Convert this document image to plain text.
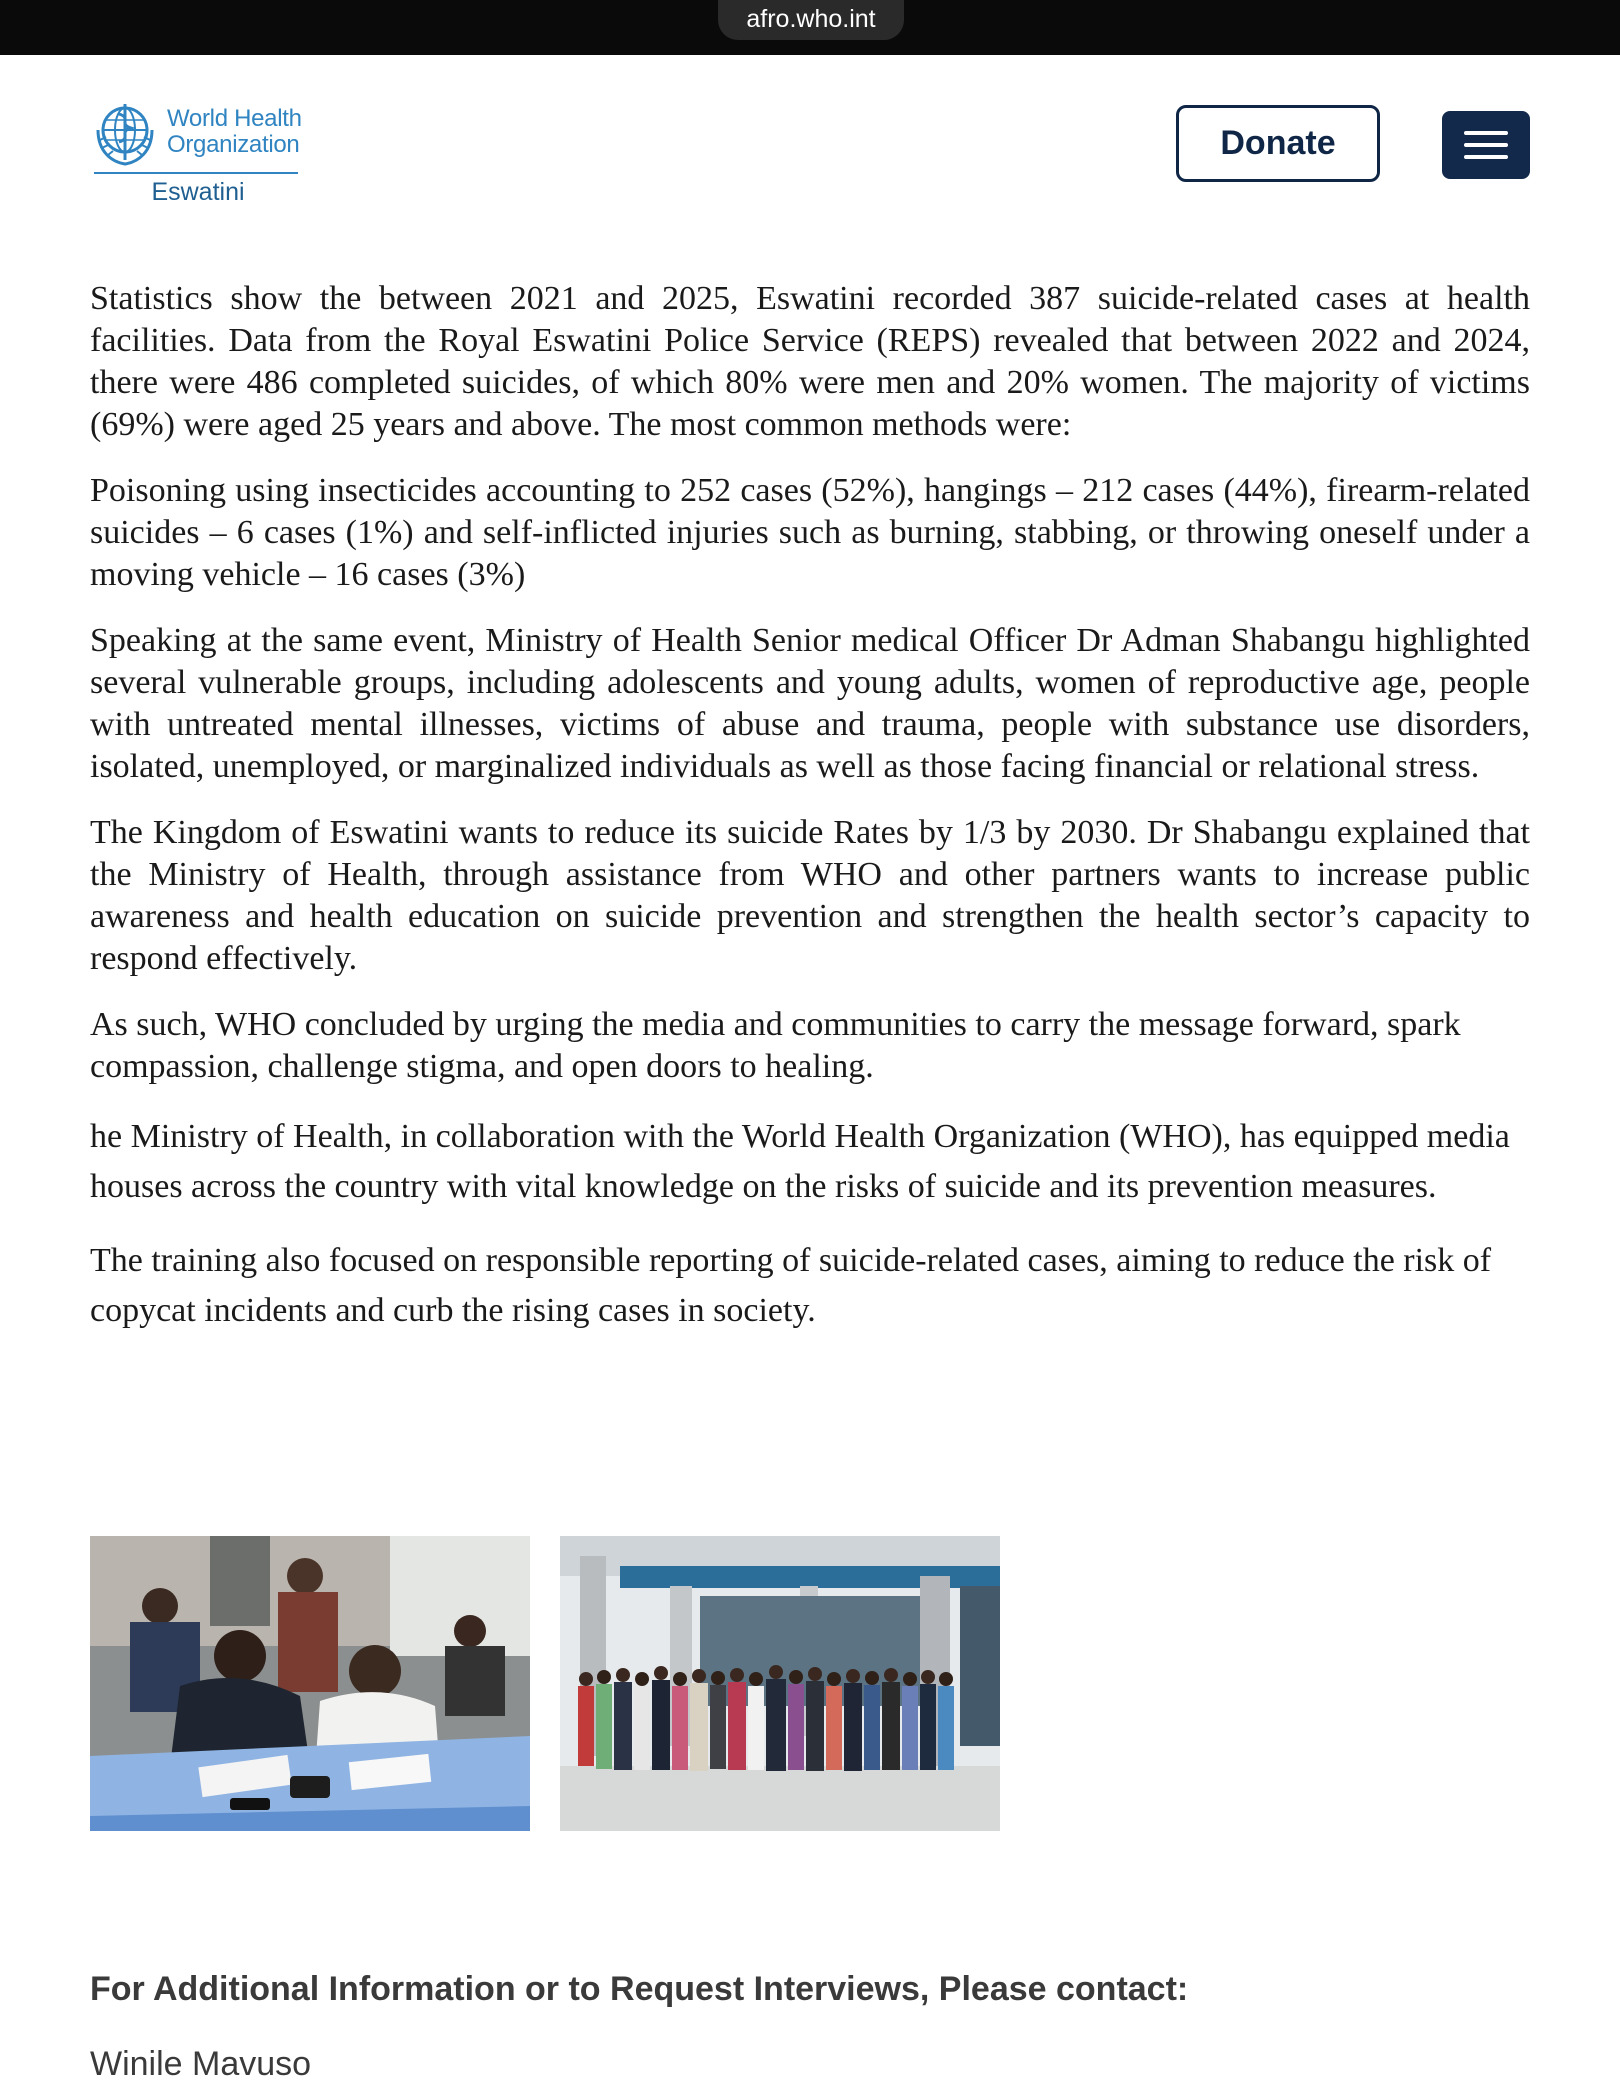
afro.who.int
World Health
Organization
Eswatini
Donate

Statistics show the between 2021 and 2025, Eswatini recorded 387 suicide-related cases at health facilities. Data from the Royal Eswatini Police Service (REPS) revealed that between 2022 and 2024, there were 486 completed suicides, of which 80% were men and 20% women. The majority of victims (69%) were aged 25 years and above. The most common methods were:

Poisoning using insecticides accounting to 252 cases (52%), hangings – 212 cases (44%), firearm-related suicides – 6 cases (1%) and self-inflicted injuries such as burning, stabbing, or throwing oneself under a moving vehicle – 16 cases (3%)

Speaking at the same event, Ministry of Health Senior medical Officer Dr Adman Shabangu highlighted several vulnerable groups, including adolescents and young adults, women of reproductive age, people with untreated mental illnesses, victims of abuse and trauma, people with substance use disorders, isolated, unemployed, or marginalized individuals as well as those facing financial or relational stress.

The Kingdom of Eswatini wants to reduce its suicide Rates by 1/3 by 2030. Dr Shabangu explained that the Ministry of Health, through assistance from WHO and other partners wants to increase public awareness and health education on suicide prevention and strengthen the health sector’s capacity to respond effectively.

As such, WHO concluded by urging the media and communities to carry the message forward, spark compassion, challenge stigma, and open doors to healing.

he Ministry of Health, in collaboration with the World Health Organization (WHO), has equipped media houses across the country with vital knowledge on the risks of suicide and its prevention measures.

The training also focused on responsible reporting of suicide-related cases, aiming to reduce the risk of copycat incidents and curb the rising cases in society.

For Additional Information or to Request Interviews, Please contact:
Winile Mavuso
